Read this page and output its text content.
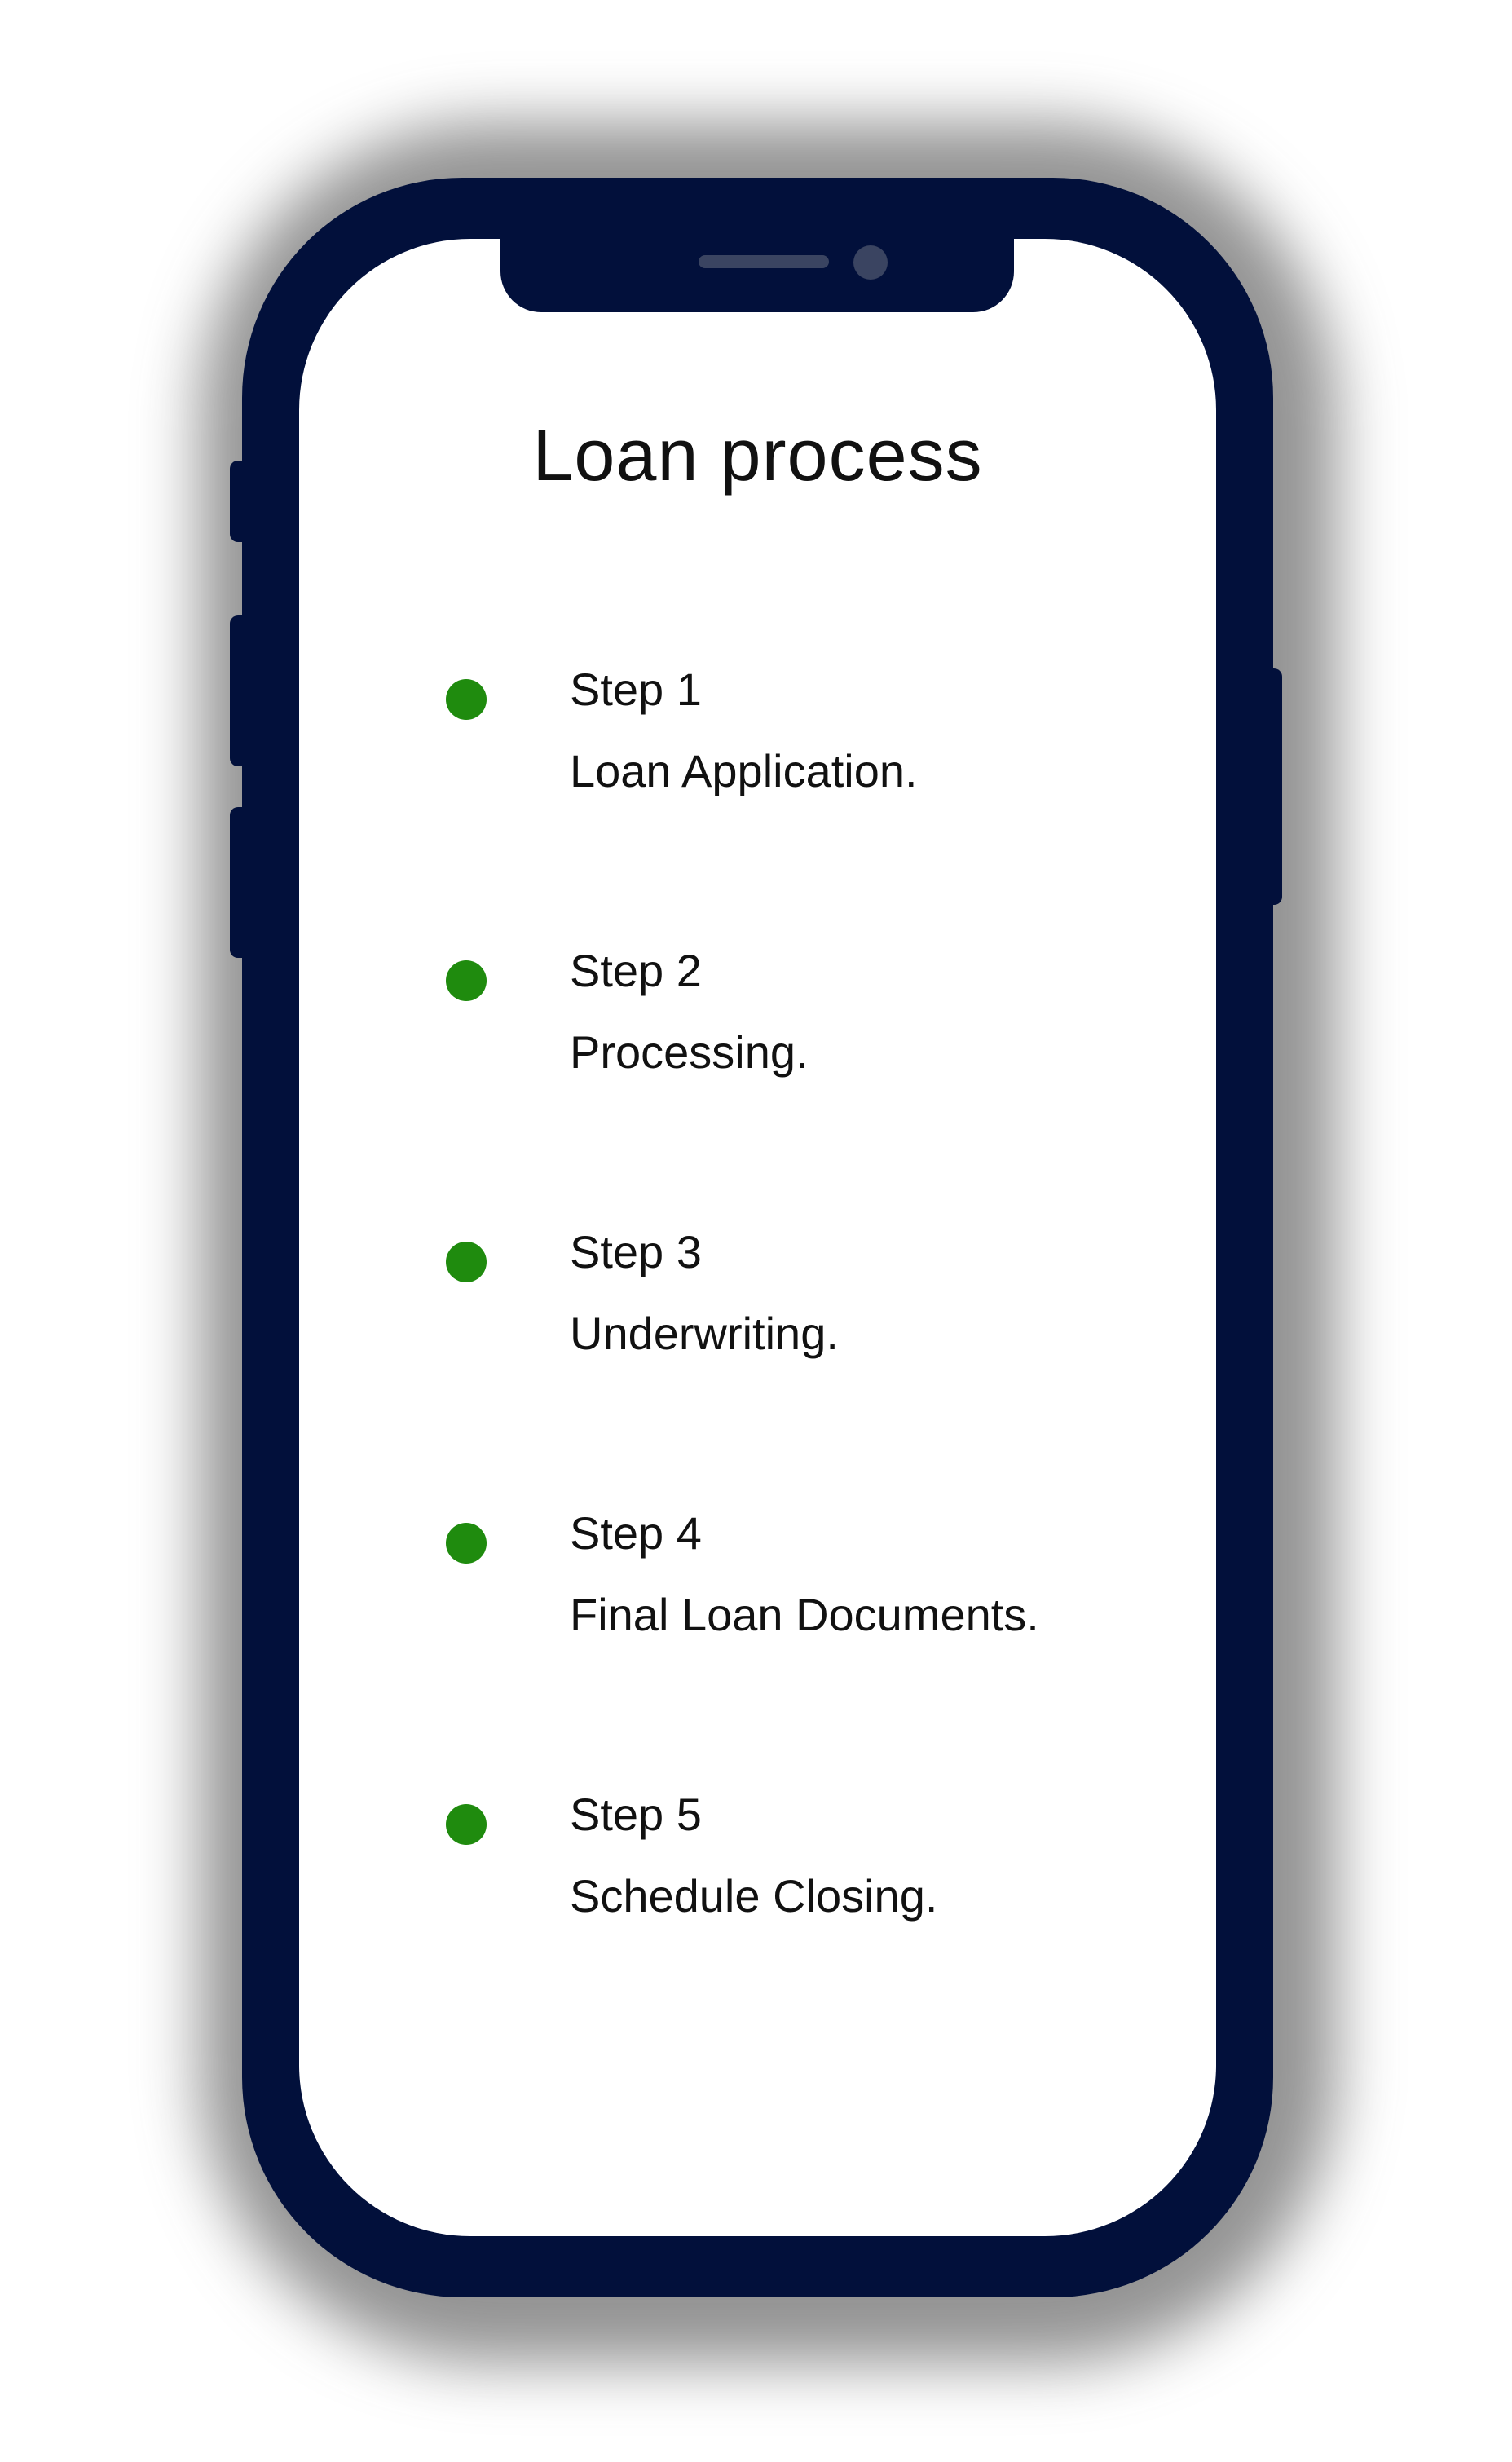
Loan process
Step 1
Loan Application.
Step 2
Processing.
Step 3
Underwriting.
Step 4
Final Loan Documents.
Step 5
Schedule Closing.
